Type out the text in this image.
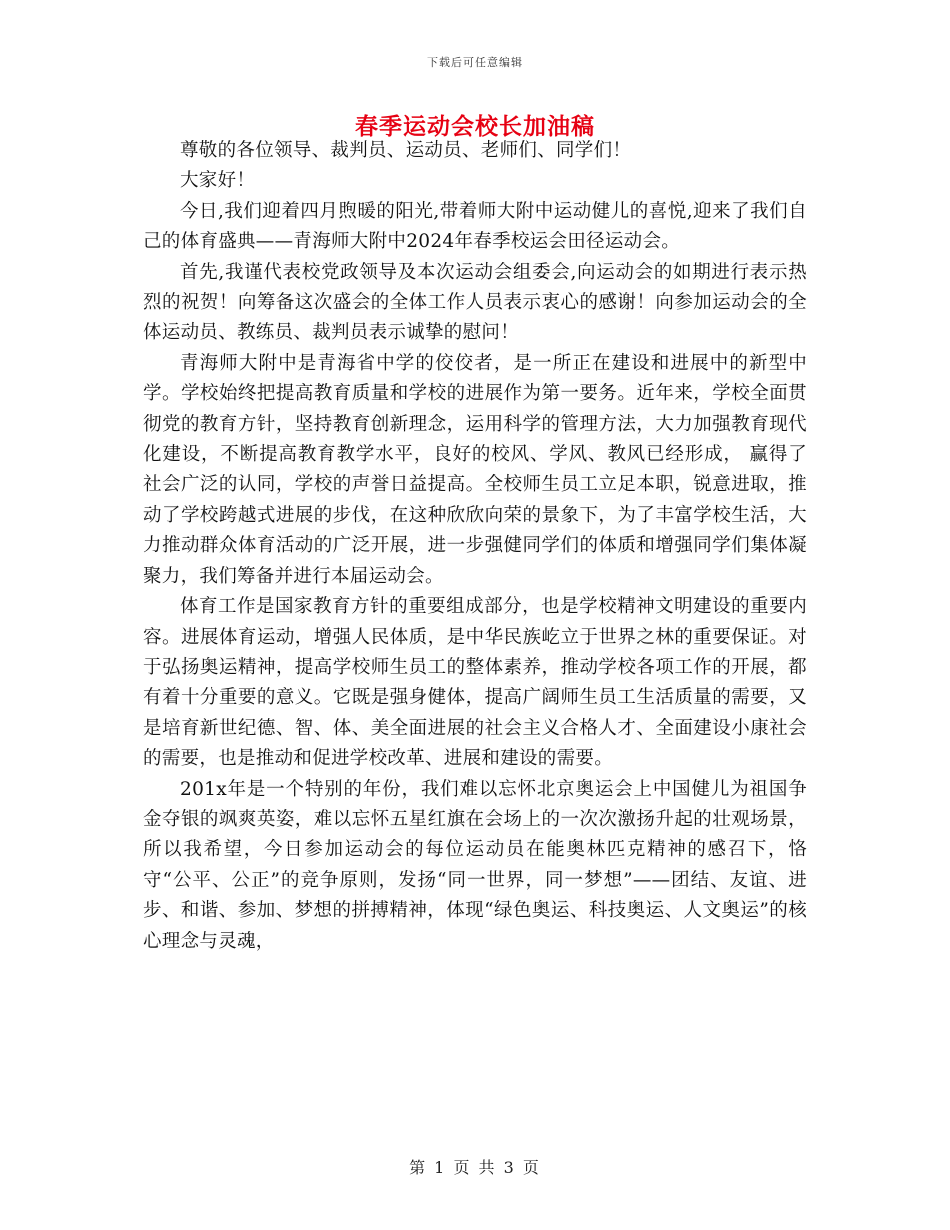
下载后可任意编辑
春季运动会校长加油稿

尊敬的各位领导、裁判员、运动员、老师们、同学们！

大家好！

今日,我们迎着四月煦暖的阳光,带着师大附中运动健儿的喜悦,迎来了我们自己的体育盛典——青海师大附中2024年春季校运会田径运动会。

首先,我谨代表校党政领导及本次运动会组委会,向运动会的如期进行表示热烈的祝贺！向筹备这次盛会的全体工作人员表示衷心的感谢！向参加运动会的全体运动员、教练员、裁判员表示诚挚的慰问！

青海师大附中是青海省中学的佼佼者，是一所正在建设和进展中的新型中学。学校始终把提高教育质量和学校的进展作为第一要务。近年来，学校全面贯彻党的教育方针，坚持教育创新理念，运用科学的管理方法，大力加强教育现代化建设，不断提高教育教学水平，良好的校风、学风、教风已经形成， 赢得了社会广泛的认同，学校的声誉日益提高。全校师生员工立足本职，锐意进取，推动了学校跨越式进展的步伐，在这种欣欣向荣的景象下，为了丰富学校生活，大力推动群众体育活动的广泛开展，进一步强健同学们的体质和增强同学们集体凝聚力，我们筹备并进行本届运动会。

体育工作是国家教育方针的重要组成部分，也是学校精神文明建设的重要内容。进展体育运动，增强人民体质，是中华民族屹立于世界之林的重要保证。对于弘扬奥运精神，提高学校师生员工的整体素养，推动学校各项工作的开展，都有着十分重要的意义。它既是强身健体，提高广阔师生员工生活质量的需要，又是培育新世纪德、智、体、美全面进展的社会主义合格人才、全面建设小康社会的需要，也是推动和促进学校改革、进展和建设的需要。

201x年是一个特别的年份，我们难以忘怀北京奥运会上中国健儿为祖国争金夺银的飒爽英姿，难以忘怀五星红旗在会场上的一次次激扬升起的壮观场景，所以我希望，今日参加运动会的每位运动员在能奥林匹克精神的感召下，恪守“公平、公正”的竞争原则，发扬“同一世界，同一梦想”——团结、友谊、进步、和谐、参加、梦想的拼搏精神，体现“绿色奥运、科技奥运、人文奥运”的核心理念与灵魂，

第 1 页 共 3 页
